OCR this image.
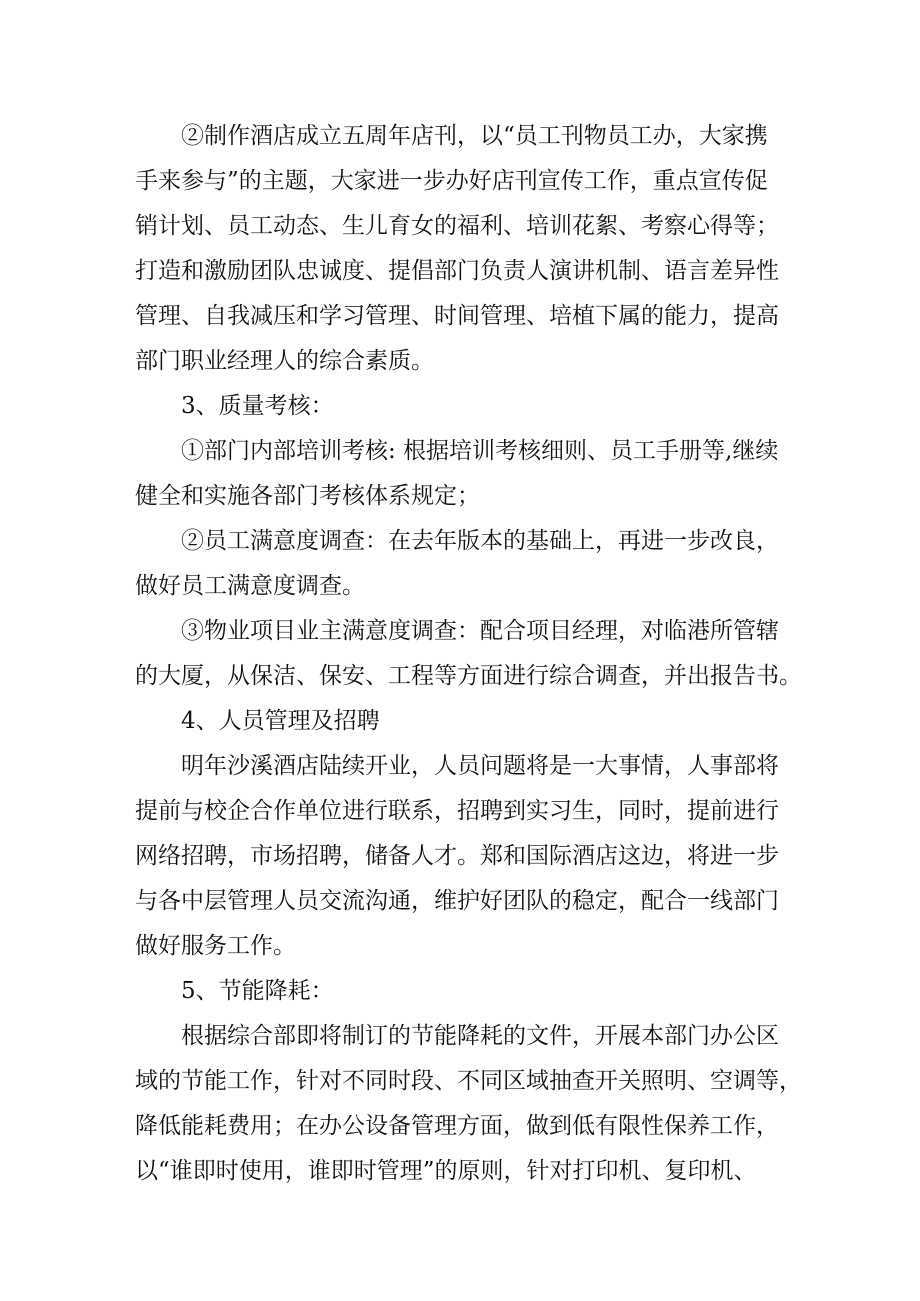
②制作酒店成立五周年店刊，以“员工刊物员工办，大家携
手来参与”的主题，大家进一步办好店刊宣传工作，重点宣传促
销计划、员工动态、生儿育女的福利、培训花絮、考察心得等；
打造和激励团队忠诚度、提倡部门负责人演讲机制、语言差异性
管理、自我减压和学习管理、时间管理、培植下属的能力，提高
部门职业经理人的综合素质。
3、质量考核：
①部门内部培训考核: 根据培训考核细则、员工手册等,继续
健全和实施各部门考核体系规定；
②员工满意度调查：在去年版本的基础上，再进一步改良，
做好员工满意度调查。
③物业项目业主满意度调查：配合项目经理，对临港所管辖
的大厦，从保洁、保安、工程等方面进行综合调查，并出报告书。
4、人员管理及招聘
明年沙溪酒店陆续开业，人员问题将是一大事情，人事部将
提前与校企合作单位进行联系，招聘到实习生，同时，提前进行
网络招聘，市场招聘，储备人才。郑和国际酒店这边，将进一步
与各中层管理人员交流沟通，维护好团队的稳定，配合一线部门
做好服务工作。
5、节能降耗：
根据综合部即将制订的节能降耗的文件，开展本部门办公区
域的节能工作，针对不同时段、不同区域抽查开关照明、空调等，
降低能耗费用；在办公设备管理方面，做到低有限性保养工作，
以“谁即时使用，谁即时管理”的原则，针对打印机、复印机、
